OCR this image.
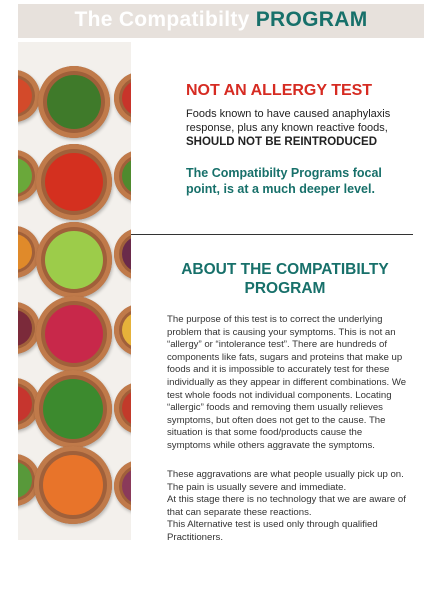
The Compatibilty PROGRAM
NOT AN ALLERGY TEST
Foods known to have caused anaphylaxis response, plus any known reactive foods, SHOULD NOT BE REINTRODUCED
The Compatibilty Programs focal point, is at a much deeper level.
ABOUT THE COMPATIBILTY PROGRAM
The purpose of this test is to correct the underlying problem that is causing your symptoms. This is not an “allergy” or “intolerance test”. There are hundreds of components like fats, sugars and proteins that make up foods and it is impossible to accurately test for these individually as they appear in different combinations. We test whole foods not individual components. Locating “allergic” foods and removing them usually relieves symptoms, but often does not get to the cause. The situation is that some food/products cause the symptoms while others aggravate the symptoms.
These aggravations are what people usually pick up on.
The pain is usually severe and immediate.
At this stage there is no technology that we are aware of that can separate these reactions.
This Alternative test is used only through qualified Practitioners.
